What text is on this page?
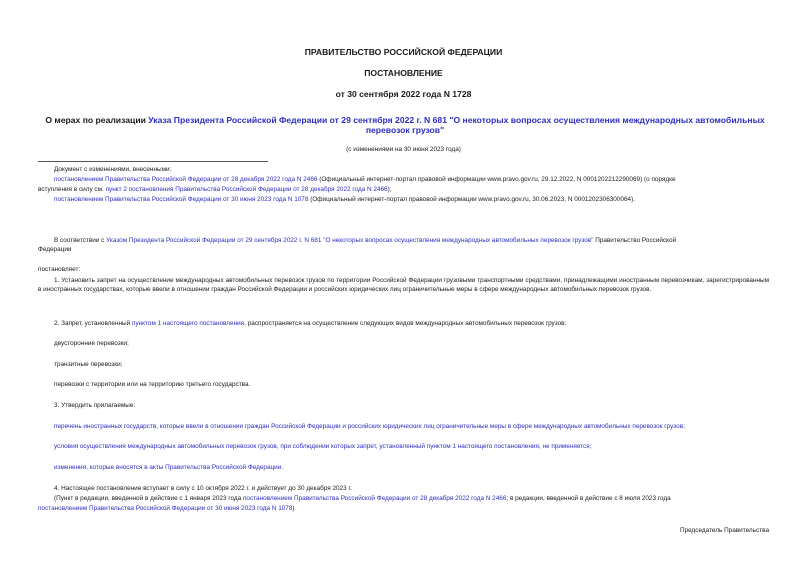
ПРАВИТЕЛЬСТВО РОССИЙСКОЙ ФЕДЕРАЦИИ
ПОСТАНОВЛЕНИЕ
от 30 сентября 2022 года N 1728
О мерах по реализации Указа Президента Российской Федерации от 29 сентября 2022 г. N 681 "О некоторых вопросах осуществления международных автомобильных перевозок грузов"
(с изменениями на 30 июня 2023 года)
Документ с изменениями, внесенными:
постановлением Правительства Российской Федерации от 28 декабря 2022 года N 2466 (Официальный интернет-портал правовой информации www.pravo.gov.ru, 29.12.2022, N 0001202212290069) (о порядке
вступления в силу см. пункт 2 постановления Правительства Российской Федерации от 28 декабря 2022 года N 2466);
постановлением Правительства Российской Федерации от 30 июня 2023 года N 1078 (Официальный интернет-портал правовой информации www.pravo.gov.ru, 30.06.2023, N 0001202306300064).
В соответствии с Указом Президента Российской Федерации от 29 сентября 2022 г. N 681 "О некоторых вопросах осуществления международных автомобильных перевозок грузов" Правительство Российской
Федерации
постановляет:
1. Установить запрет на осуществление международных автомобильных перевозок грузов по территории Российской Федерации грузовыми транспортными средствами, принадлежащими иностранным перевозчикам, зарегистрированным в иностранных государствах, которые ввели в отношении граждан Российской Федерации и российских юридических лиц ограничительные меры в сфере международных автомобильных перевозок грузов.
2. Запрет, установленный пунктом 1 настоящего постановления, распространяется на осуществление следующих видов международных автомобильных перевозок грузов:
двусторонние перевозки;
транзитные перевозки;
перевозки с территории или на территорию третьего государства.
3. Утвердить прилагаемые:
перечень иностранных государств, которые ввели в отношении граждан Российской Федерации и российских юридических лиц ограничительные меры в сфере международных автомобильных перевозок грузов;
условия осуществления международных автомобильных перевозок грузов, при соблюдении которых запрет, установленный пунктом 1 настоящего постановления, не применяется;
изменения, которые вносятся в акты Правительства Российской Федерации.
4. Настоящее постановление вступает в силу с 10 октября 2022 г. и действует до 30 декабря 2023 г.
(Пункт в редакции, введенной в действие с 1 января 2023 года постановлением Правительства Российской Федерации от 28 декабря 2022 года N 2466; в редакции, введенной в действие с 8 июля 2023 года
постановлением Правительства Российской Федерации от 30 июня 2023 года N 1078)
Председатель Правительства
